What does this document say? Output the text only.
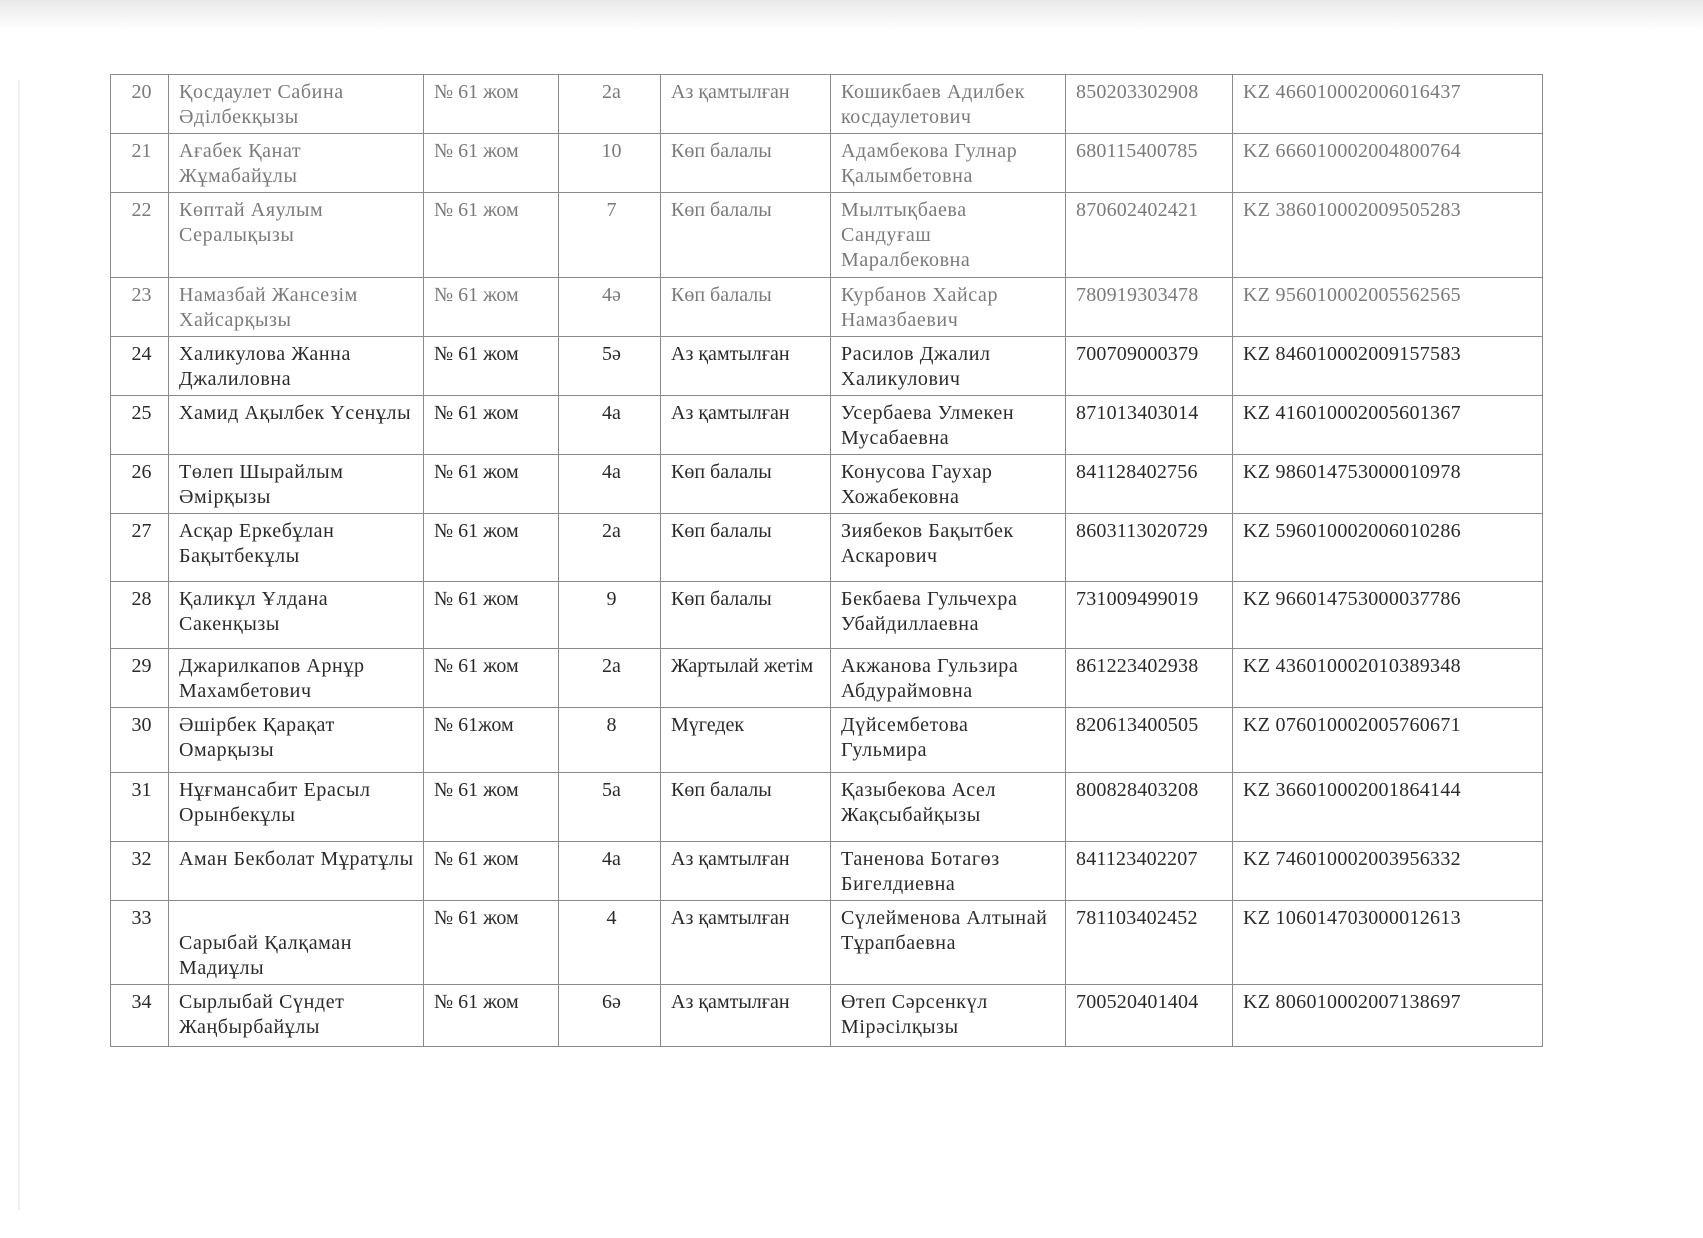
20	Қосдаулет Сабина Әділбекқызы	№ 61 жом	2а	Аз қамтылған	Кошикбаев Адилбек косдаулетович	850203302908	KZ 466010002006016437
21	Ағабек Қанат Жұмабайұлы	№ 61 жом	10	Көп балалы	Адамбекова Гулнар Қалымбетовна	680115400785	KZ 666010002004800764
22	Көптай Аяулым Сералықызы	№ 61 жом	7	Көп балалы	Мылтықбаева Сандуғаш Маралбековна	870602402421	KZ 386010002009505283
23	Намазбай Жансезім Хайсарқызы	№ 61 жом	4ә	Көп балалы	Курбанов Хайсар Намазбаевич	780919303478	KZ 956010002005562565
24	Халикулова Жанна Джалиловна	№ 61 жом	5ә	Аз қамтылған	Расилов Джалил Халикулович	700709000379	KZ 846010002009157583
25	Хамид Ақылбек Үсенұлы	№ 61 жом	4а	Аз қамтылған	Усербаева Улмекен Мусабаевна	871013403014	KZ 416010002005601367
26	Төлеп Шырайлым Әмірқызы	№ 61 жом	4а	Көп балалы	Конусова Гаухар Хожабековна	841128402756	KZ 986014753000010978
27	Асқар Еркебұлан Бақытбекұлы	№ 61 жом	2а	Көп балалы	Зиябеков Бақытбек Аскарович	8603113020729	KZ 596010002006010286
28	Қаликұл Ұлдана Сакенқызы	№ 61 жом	9	Көп балалы	Бекбаева Гульчехра Убайдиллаевна	731009499019	KZ 966014753000037786
29	Джарилкапов Арнұр Махамбетович	№ 61 жом	2а	Жартылай жетім	Акжанова Гульзира Абдураймовна	861223402938	KZ 436010002010389348
30	Әшірбек Қарақат Омарқызы	№ 61жом	8	Мүгедек	Дүйсембетова Гульмира	820613400505	KZ 076010002005760671
31	Нұғмансабит Ерасыл Орынбекұлы	№ 61 жом	5а	Көп балалы	Қазыбекова Асел Жақсыбайқызы	800828403208	KZ 366010002001864144
32	Аман Бекболат Мұратұлы	№ 61 жом	4а	Аз қамтылған	Таненова Ботагөз Бигелдиевна	841123402207	KZ 746010002003956332
33	Сарыбай Қалқаман Мадиұлы	№ 61 жом	4	Аз қамтылған	Сүлейменова Алтынай Тұрапбаевна	781103402452	KZ 106014703000012613
34	Сырлыбай Сүндет Жаңбырбайұлы	№ 61 жом	6ә	Аз қамтылған	Өтеп Сәрсенкүл Мірәсілқызы	700520401404	KZ 806010002007138697
